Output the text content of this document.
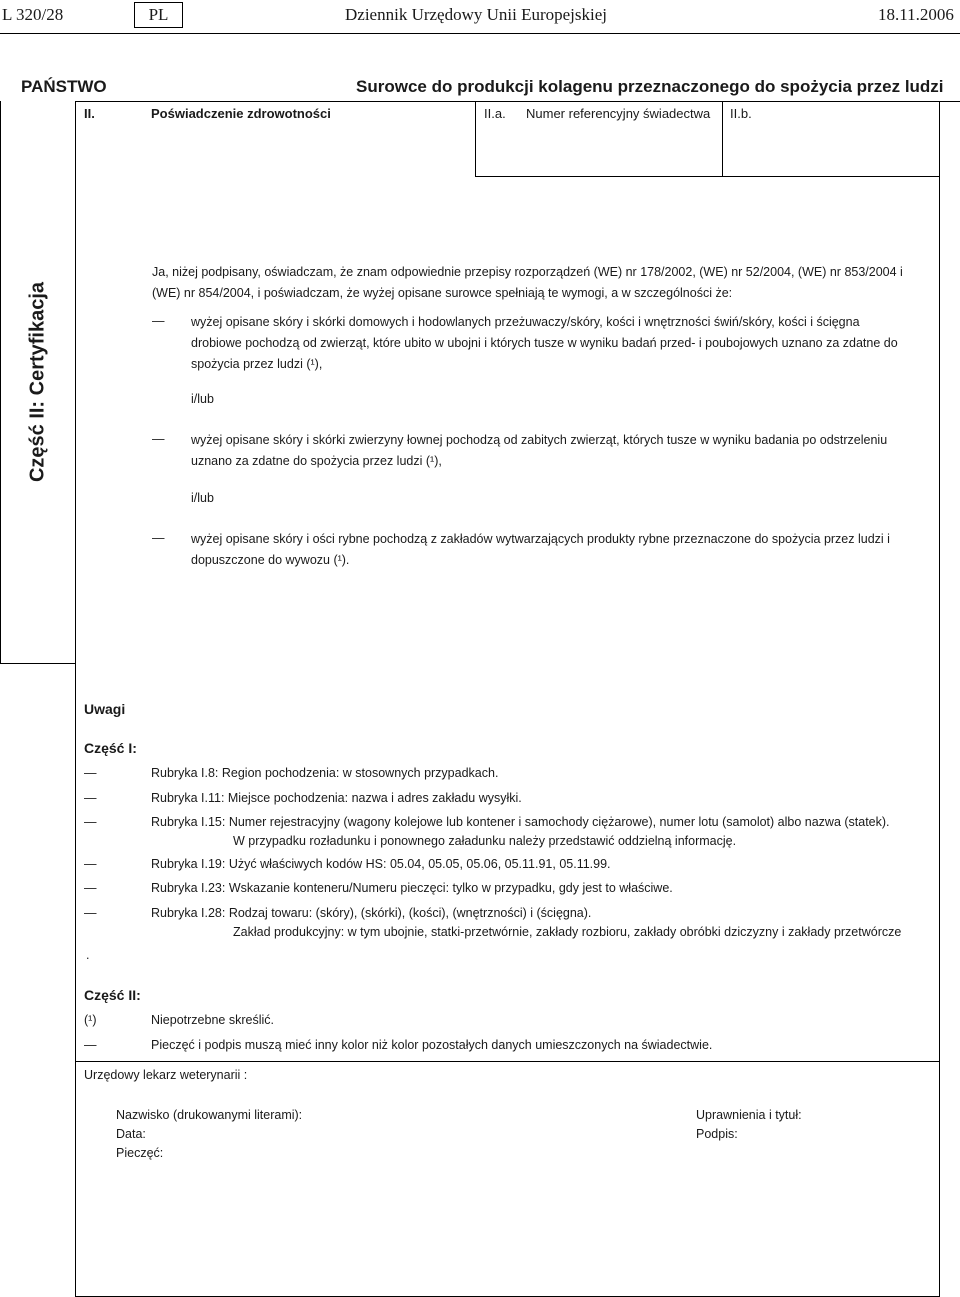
L 320/28	PL	Dziennik Urzędowy Unii Europejskiej	18.11.2006
PAŃSTWO	Surowce do produkcji kolagenu przeznaczonego do spożycia przez ludzi
II.	Poświadczenie zdrowotności	II.a. Numer referencyjny świadectwa II.b.
Część II: Certyfikacja
Ja, niżej podpisany, oświadczam, że znam odpowiednie przepisy rozporządzeń (WE) nr 178/2002, (WE) nr 52/2004, (WE) nr 853/2004 i
(WE) nr 854/2004, i poświadczam, że wyżej opisane surowce spełniają te wymogi, a w szczególności że:
— wyżej opisane skóry i skórki domowych i hodowlanych przeżuwaczy/skóry, kości i wnętrzności świń/skóry, kości i ścięgna
drobiowe pochodzą od zwierząt, które ubito w ubojni i których tusze w wyniku badań przed- i poubojowych uznano za zdatne do
spożycia przez ludzi (¹),
i/lub
— wyżej opisane skóry i skórki zwierzyny łownej pochodzą od zabitych zwierząt, których tusze w wyniku badania po odstrzeleniu
uznano za zdatne do spożycia przez ludzi (¹),
i/lub
— wyżej opisane skóry i ości rybne pochodzą z zakładów wytwarzających produkty rybne przeznaczone do spożycia przez ludzi i
dopuszczone do wywozu (¹).
Uwagi
Część I:
—	Rubryka I.8: Region pochodzenia: w stosownych przypadkach.
—	Rubryka I.11: Miejsce pochodzenia: nazwa i adres zakładu wysyłki.
—	Rubryka I.15: Numer rejestracyjny (wagony kolejowe lub kontener i samochody ciężarowe), numer lotu (samolot) albo nazwa (statek).
W przypadku rozładunku i ponownego załadunku należy przedstawić oddzielną informację.
—	Rubryka I.19: Użyć właściwych kodów HS: 05.04, 05.05, 05.06, 05.11.91, 05.11.99.
—	Rubryka I.23: Wskazanie konteneru/Numeru pieczęci: tylko w przypadku, gdy jest to właściwe.
—	Rubryka I.28: Rodzaj towaru: (skóry), (skórki), (kości), (wnętrzności) i (ścięgna).
Zakład produkcyjny: w tym ubojnie, statki-przetwórnie, zakłady rozbioru, zakłady obróbki dziczyzny i zakłady przetwórcze
.
Część II:
(¹)	Niepotrzebne skreślić.
—	Pieczęć i podpis muszą mieć inny kolor niż kolor pozostałych danych umieszczonych na świadectwie.
Urzędowy lekarz weterynarii :
Nazwisko (drukowanymi literami):
Data:
Pieczęć:
Uprawnienia i tytuł:
Podpis:
